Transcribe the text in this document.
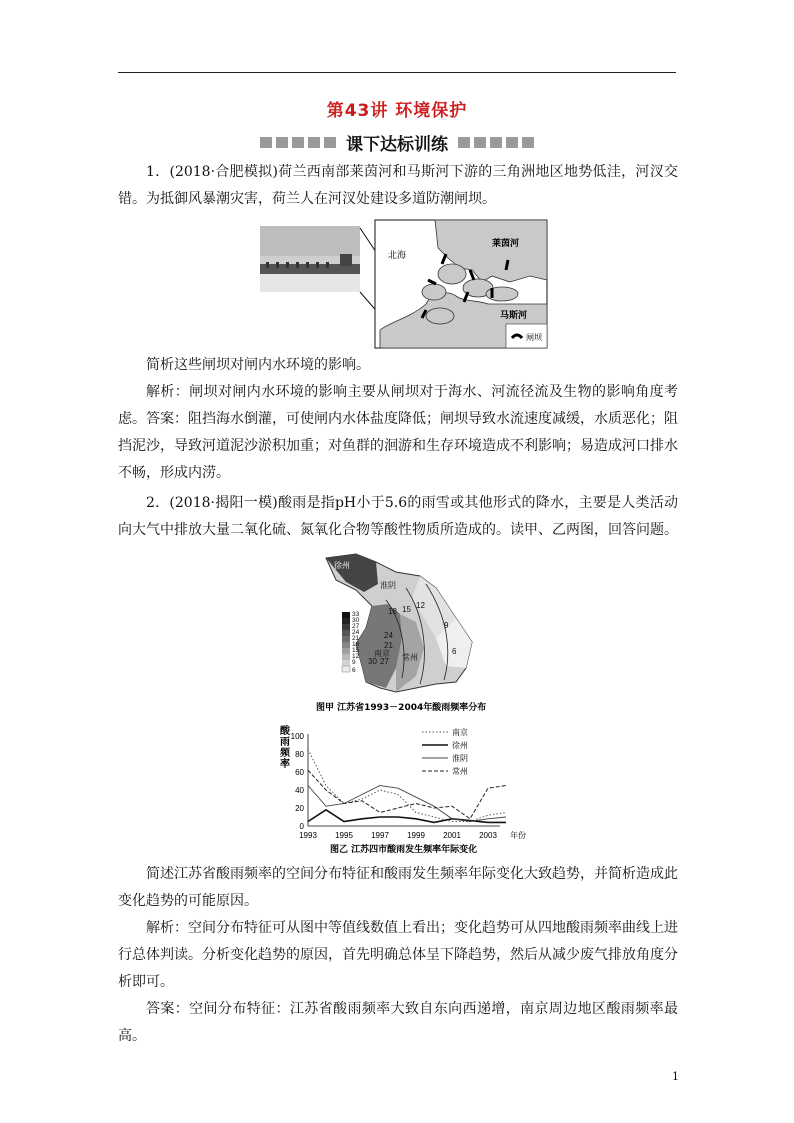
第43讲 环境保护
课下达标训练
1．(2018·合肥模拟)荷兰西南部莱茵河和马斯河下游的三角洲地区地势低洼，河汊交错。为抵御风暴潮灾害，荷兰人在河汊处建设多道防潮闸坝。
北海
莱茵河
马斯河
闸坝
简析这些闸坝对闸内水环境的影响。
解析：闸坝对闸内水环境的影响主要从闸坝对于海水、河流径流及生物的影响角度考虑。 答案：阻挡海水倒灌，可使闸内水体盐度降低；闸坝导致水流速度减缓，水质恶化；阻挡泥沙，导致河道泥沙淤积加重；对鱼群的洄游和生存环境造成不利影响；易造成河口排水不畅，形成内涝。
2．(2018·揭阳一模)酸雨是指pH小于5.6的雨雪或其他形式的降水，主要是人类活动向大气中排放大量二氧化硫、氮氧化合物等酸性物质所造成的。读甲、乙两图，回答问题。
徐州
淮阴
南京 常州
12
9
6
15
18
21
24
27
30
33
30
27
24
21
18
15
12
9
6
图甲 江苏省1993－2004年酸雨频率分布
酸雨频率
0
20
40
60
80
100
1993 1995 1997 1999 2001 2003 年份
南京
徐州
淮阴
常州
图乙 江苏四市酸雨发生频率年际变化
简述江苏省酸雨频率的空间分布特征和酸雨发生频率年际变化大致趋势，并简析造成此变化趋势的可能原因。
解析：空间分布特征可从图中等值线数值上看出；变化趋势可从四地酸雨频率曲线上进行总体判读。分析变化趋势的原因，首先明确总体呈下降趋势，然后从减少废气排放角度分析即可。
答案：空间分布特征：江苏省酸雨频率大致自东向西递增，南京周边地区酸雨频率最高。
1
